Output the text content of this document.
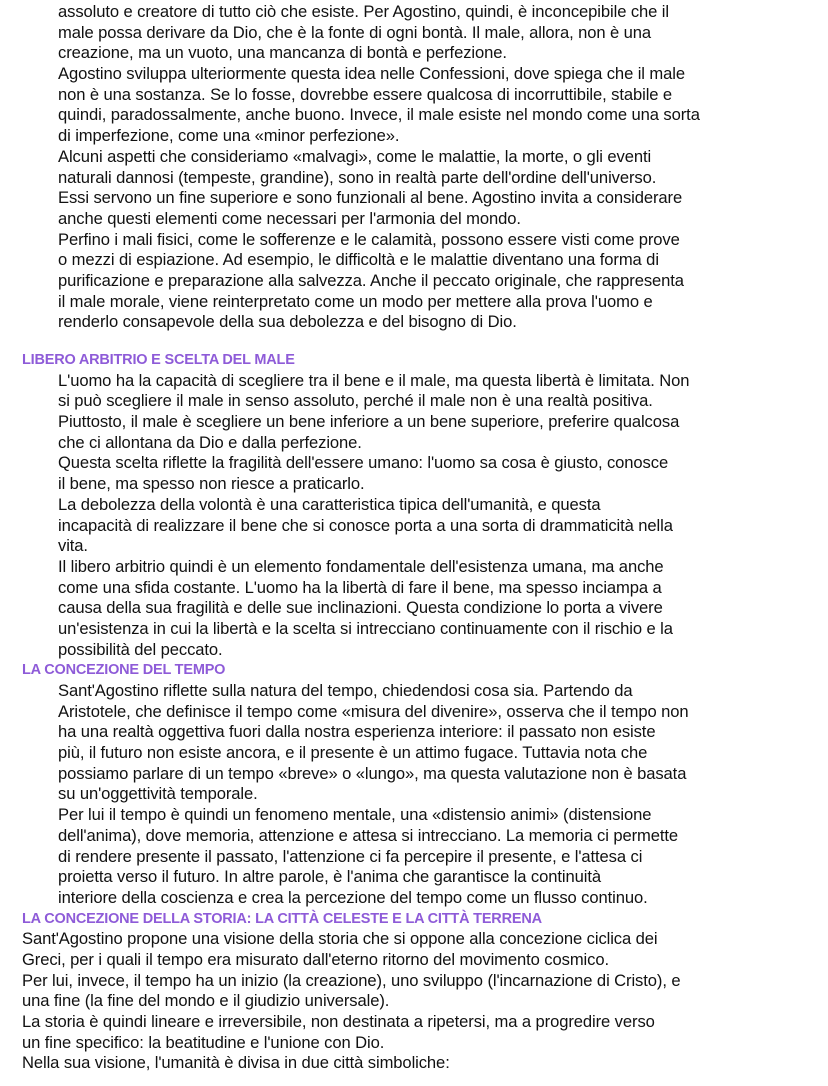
assoluto e creatore di tutto ciò che esiste. Per Agostino, quindi, è inconcepibile che il
male possa derivare da Dio, che è la fonte di ogni bontà. Il male, allora, non è una
creazione, ma un vuoto, una mancanza di bontà e perfezione.
Agostino sviluppa ulteriormente questa idea nelle Confessioni, dove spiega che il male
non è una sostanza. Se lo fosse, dovrebbe essere qualcosa di incorruttibile, stabile e
quindi, paradossalmente, anche buono. Invece, il male esiste nel mondo come una sorta
di imperfezione, come una «minor perfezione».
Alcuni aspetti che consideriamo «malvagi», come le malattie, la morte, o gli eventi
naturali dannosi (tempeste, grandine), sono in realtà parte dell'ordine dell'universo.
Essi servono un fine superiore e sono funzionali al bene. Agostino invita a considerare
anche questi elementi come necessari per l'armonia del mondo.
Perfino i mali fisici, come le sofferenze e le calamità, possono essere visti come prove
o mezzi di espiazione. Ad esempio, le difficoltà e le malattie diventano una forma di
purificazione e preparazione alla salvezza. Anche il peccato originale, che rappresenta
il male morale, viene reinterpretato come un modo per mettere alla prova l'uomo e
renderlo consapevole della sua debolezza e del bisogno di Dio.
LIBERO ARBITRIO E SCELTA DEL MALE
L'uomo ha la capacità di scegliere tra il bene e il male, ma questa libertà è limitata. Non
si può scegliere il male in senso assoluto, perché il male non è una realtà positiva.
Piuttosto, il male è scegliere un bene inferiore a un bene superiore, preferire qualcosa
che ci allontana da Dio e dalla perfezione.
Questa scelta riflette la fragilità dell'essere umano: l'uomo sa cosa è giusto, conosce
il bene, ma spesso non riesce a praticarlo.
La debolezza della volontà è una caratteristica tipica dell'umanità, e questa
incapacità di realizzare il bene che si conosce porta a una sorta di drammaticità nella
vita.
Il libero arbitrio quindi è un elemento fondamentale dell'esistenza umana, ma anche
come una sfida costante. L'uomo ha la libertà di fare il bene, ma spesso inciampa a
causa della sua fragilità e delle sue inclinazioni. Questa condizione lo porta a vivere
un'esistenza in cui la libertà e la scelta si intrecciano continuamente con il rischio e la
possibilità del peccato.
LA CONCEZIONE DEL TEMPO
Sant'Agostino riflette sulla natura del tempo, chiedendosi cosa sia. Partendo da
Aristotele, che definisce il tempo come «misura del divenire», osserva che il tempo non
ha una realtà oggettiva fuori dalla nostra esperienza interiore: il passato non esiste
più, il futuro non esiste ancora, e il presente è un attimo fugace. Tuttavia nota che
possiamo parlare di un tempo «breve» o «lungo», ma questa valutazione non è basata
su un'oggettività temporale.
Per lui il tempo è quindi un fenomeno mentale, una «distensio animi» (distensione
dell'anima), dove memoria, attenzione e attesa si intrecciano. La memoria ci permette
di rendere presente il passato, l'attenzione ci fa percepire il presente, e l'attesa ci
proietta verso il futuro. In altre parole, è l'anima che garantisce la continuità
interiore della coscienza e crea la percezione del tempo come un flusso continuo.
LA CONCEZIONE DELLA STORIA: LA CITTÀ CELESTE E LA CITTÀ TERRENA
Sant'Agostino propone una visione della storia che si oppone alla concezione ciclica dei
Greci, per i quali il tempo era misurato dall'eterno ritorno del movimento cosmico.
Per lui, invece, il tempo ha un inizio (la creazione), uno sviluppo (l'incarnazione di Cristo), e
una fine (la fine del mondo e il giudizio universale).
La storia è quindi lineare e irreversibile, non destinata a ripetersi, ma a progredire verso
un fine specifico: la beatitudine e l'unione con Dio.
Nella sua visione, l'umanità è divisa in due città simboliche:
